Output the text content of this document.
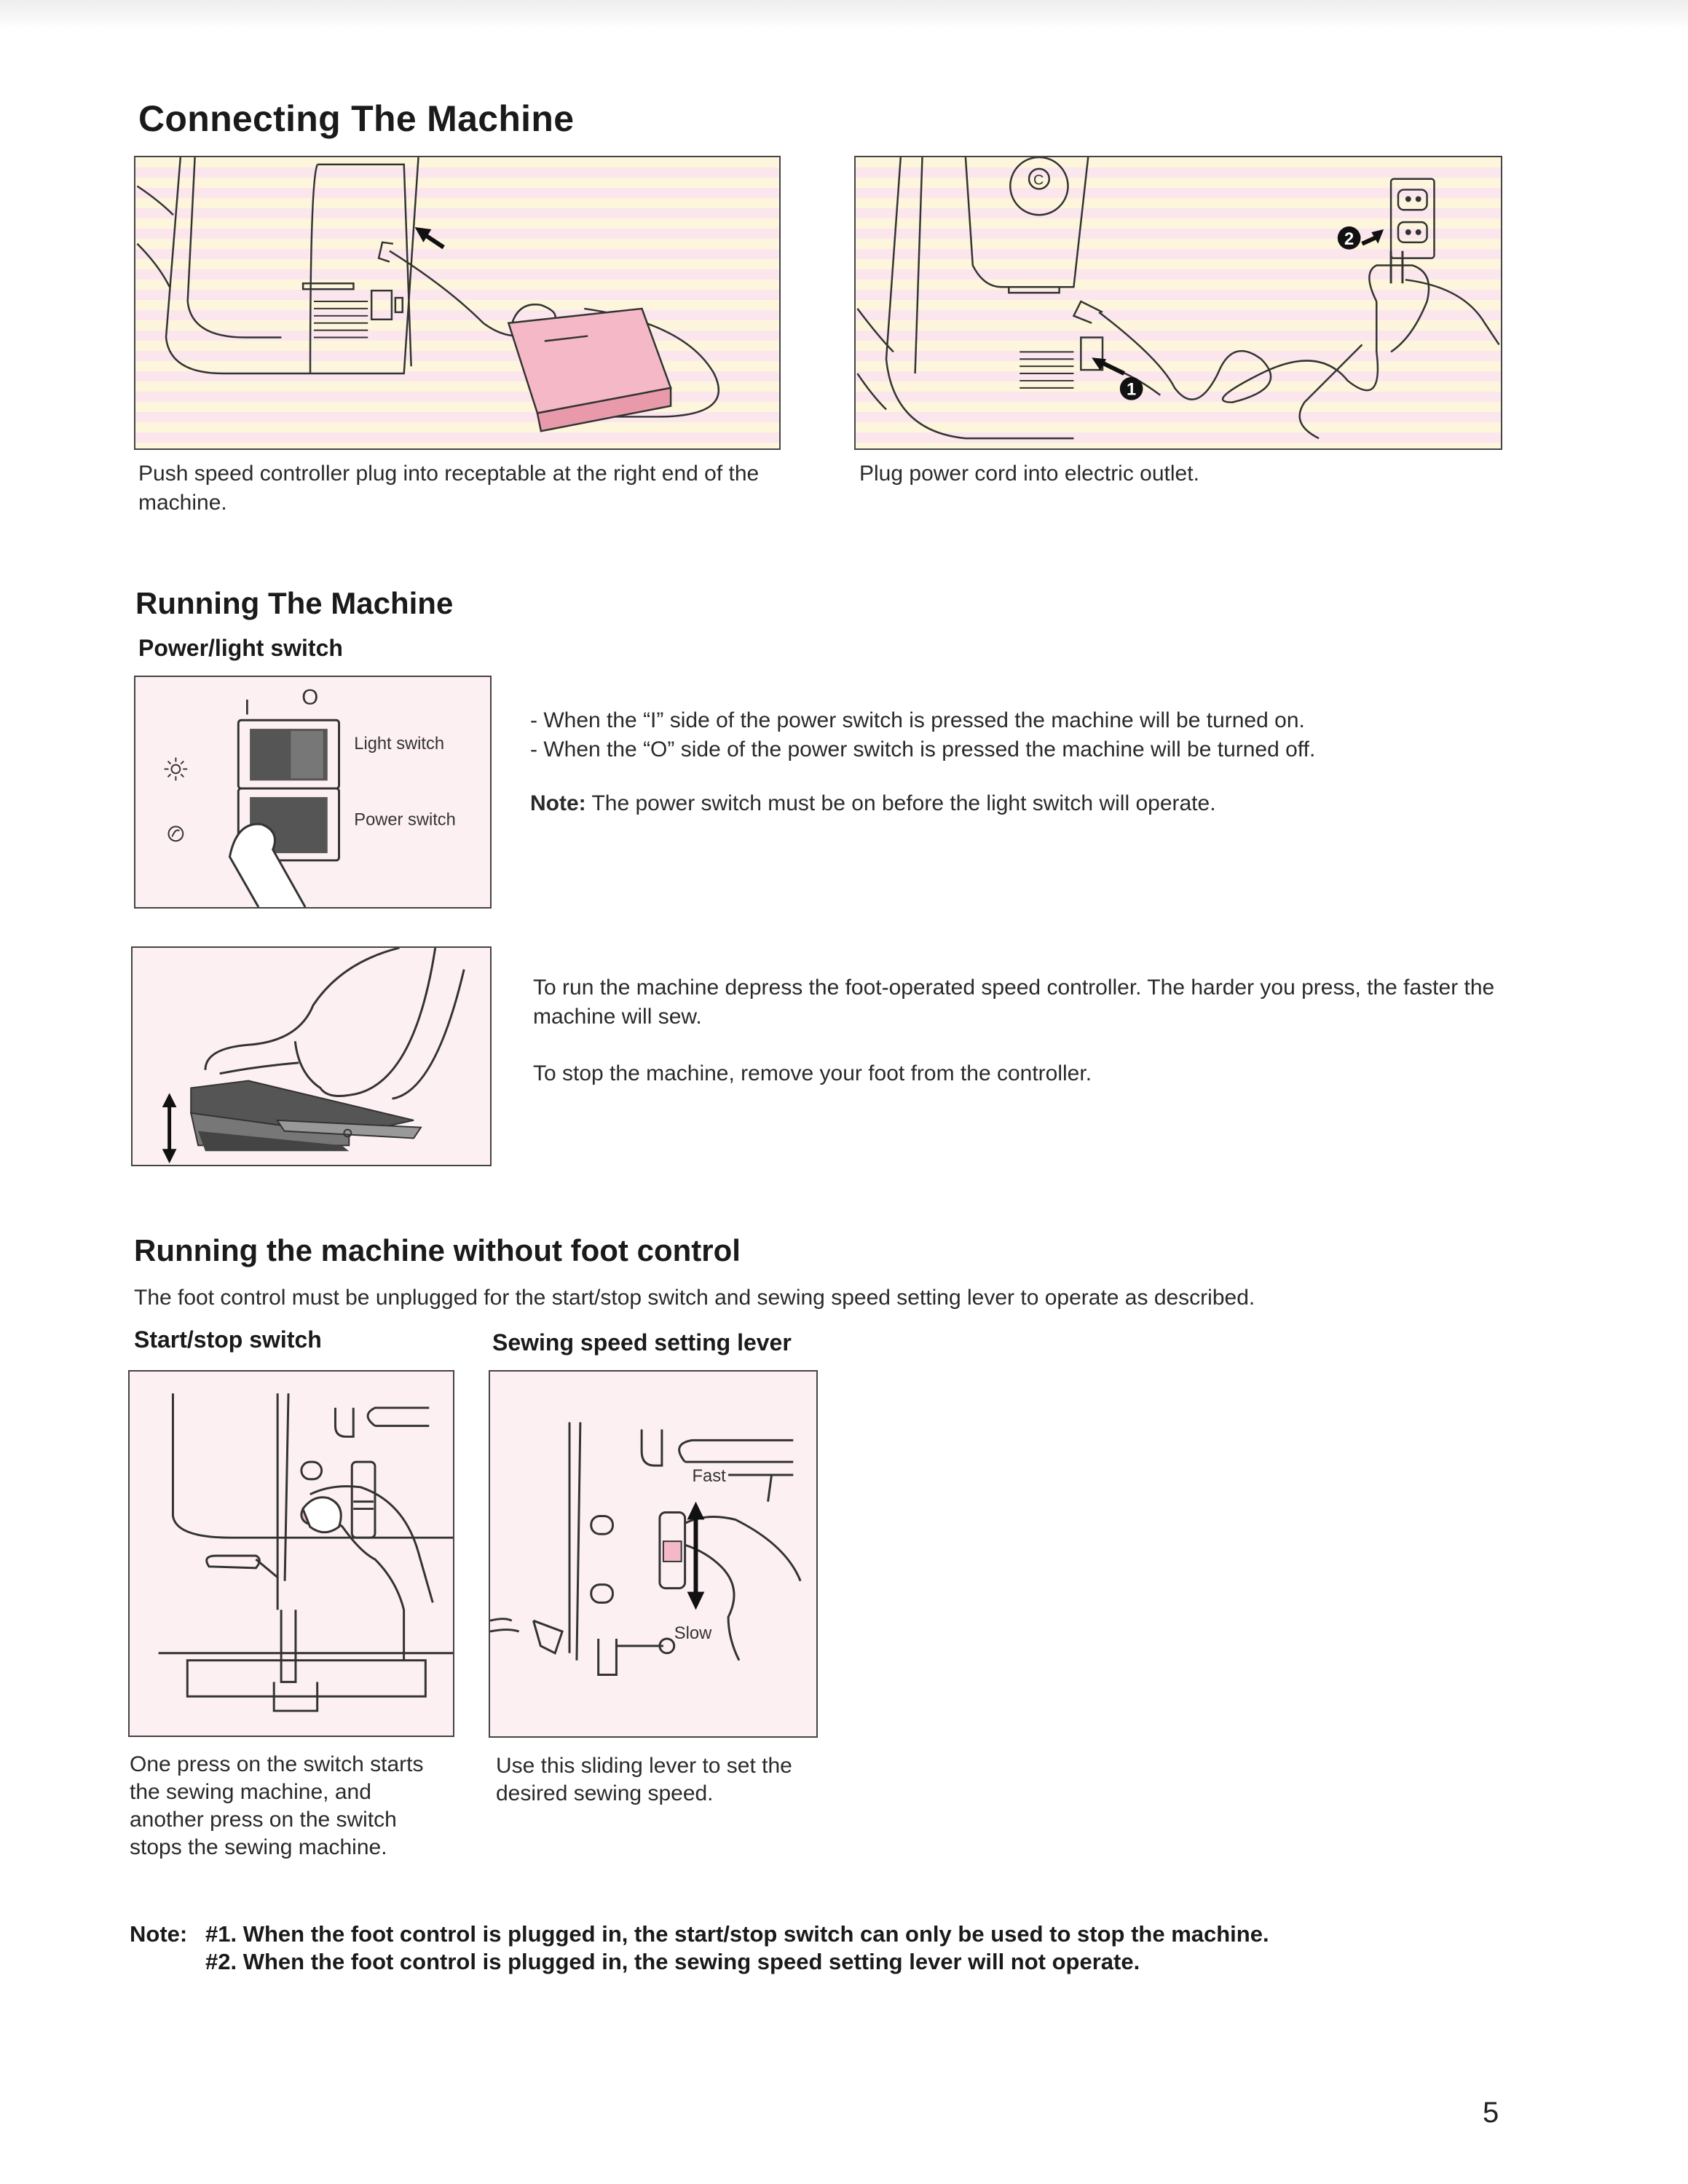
Connecting The Machine
C
2
1

Push speed controller plug into receptable at the right end of the machine.

Plug power cord into electric outlet.

Running The Machine
Power/light switch
I O
Light switch
Power switch

- When the “I” side of the power switch is pressed the machine will be turned on.

- When the “O” side of the power switch is pressed the machine will be turned off.

Note: The power switch must be on before the light switch will operate.

To run the machine depress the foot-operated speed controller. The harder you press, the faster the machine will sew.

To stop the machine, remove your foot from the controller.

Running the machine without foot control

The foot control must be unplugged for the start/stop switch and sewing speed setting lever to operate as described.

Start/stop switch	Sewing speed setting lever
Fast
Slow

One press on the switch starts the sewing machine, and another press on the switch stops the sewing machine.

Use this sliding lever to set the desired sewing speed.

Note: #1. When the foot control is plugged in, the start/stop switch can only be used to stop the machine.
#2. When the foot control is plugged in, the sewing speed setting lever will not operate.
5
